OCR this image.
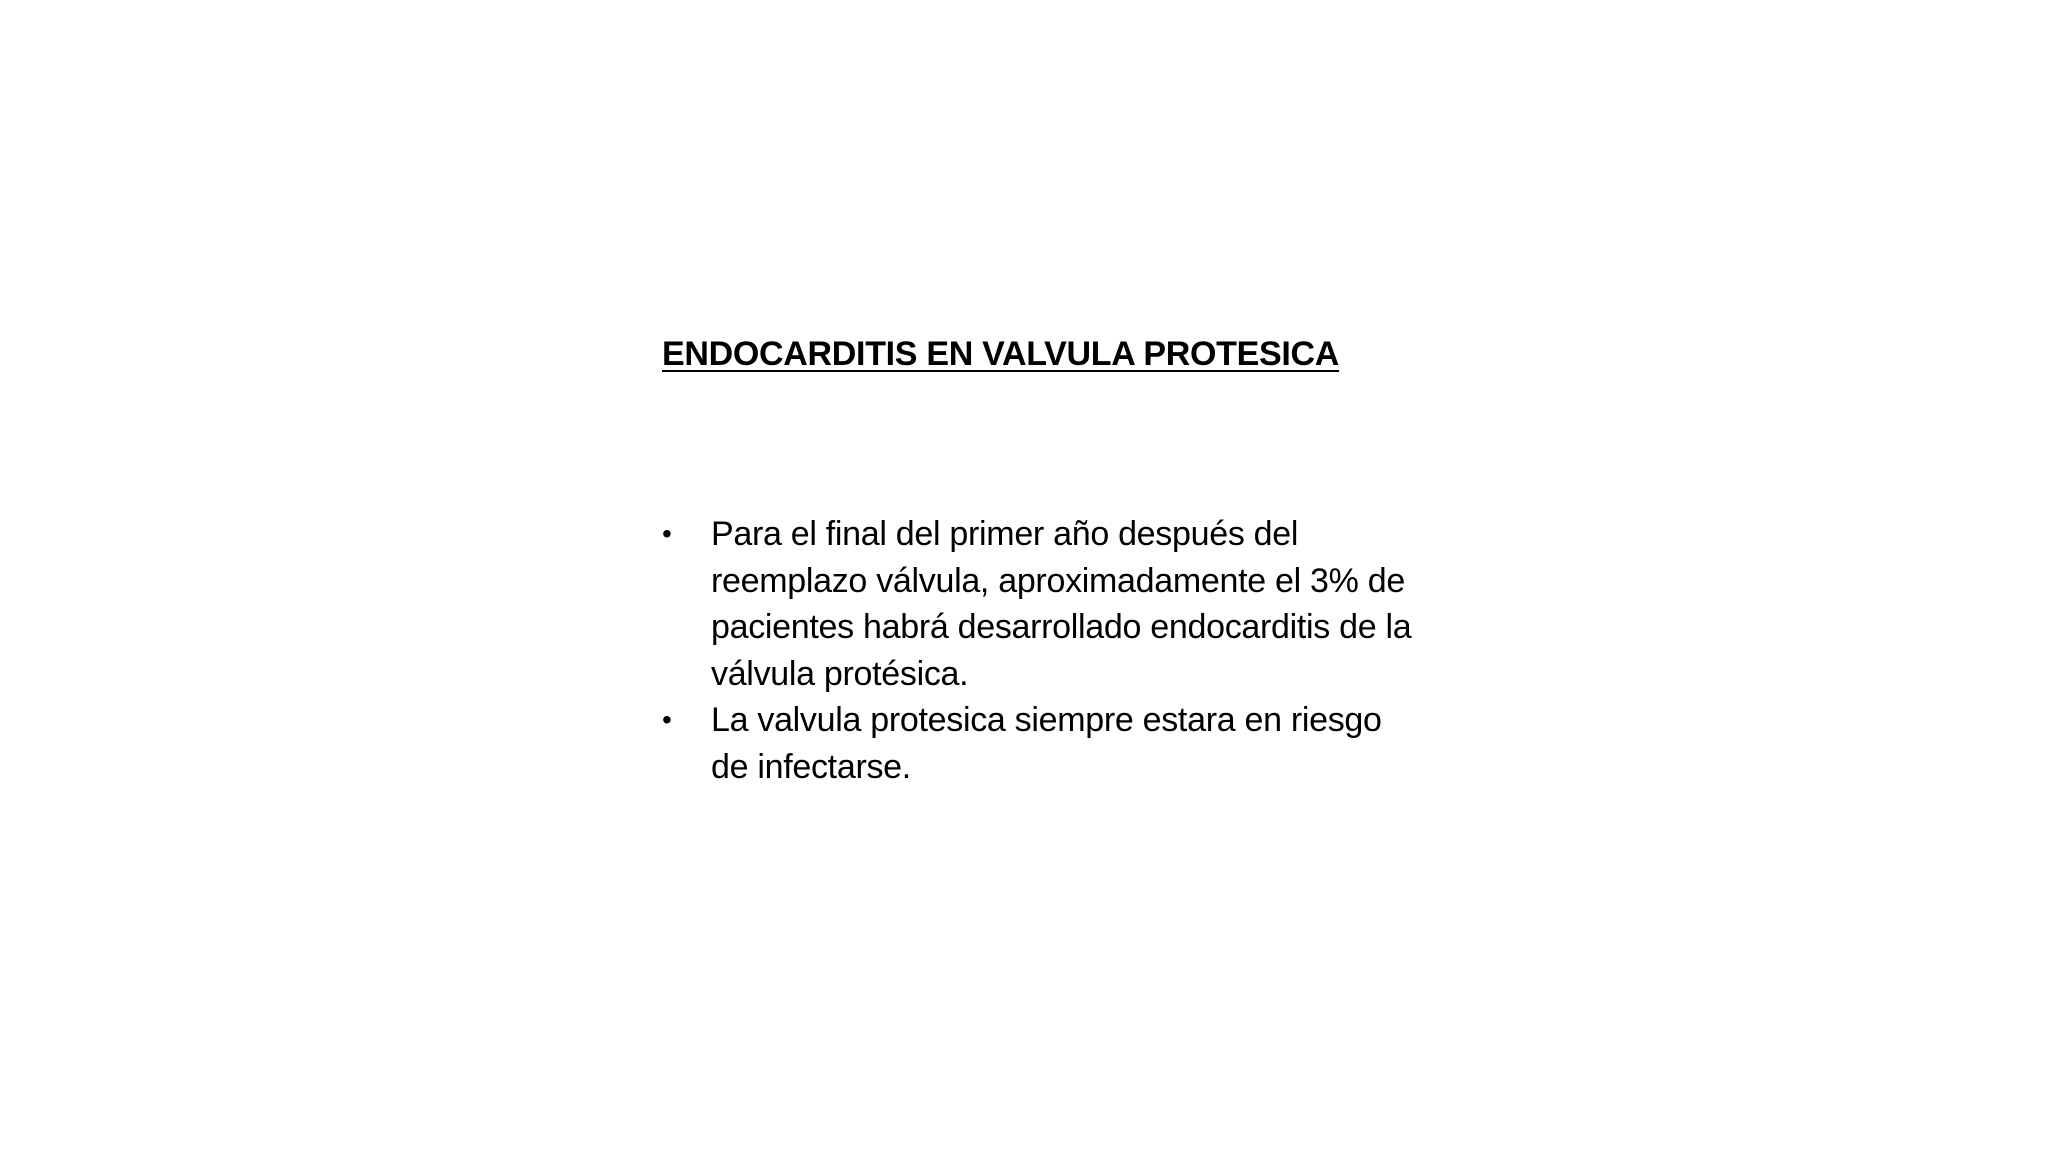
ENDOCARDITIS EN VALVULA PROTESICA
•	Para el final del primer año después del reemplazo válvula, aproximadamente el 3% de pacientes habrá desarrollado endocarditis de la válvula protésica.
•	La valvula protesica siempre estara en riesgo de infectarse.
